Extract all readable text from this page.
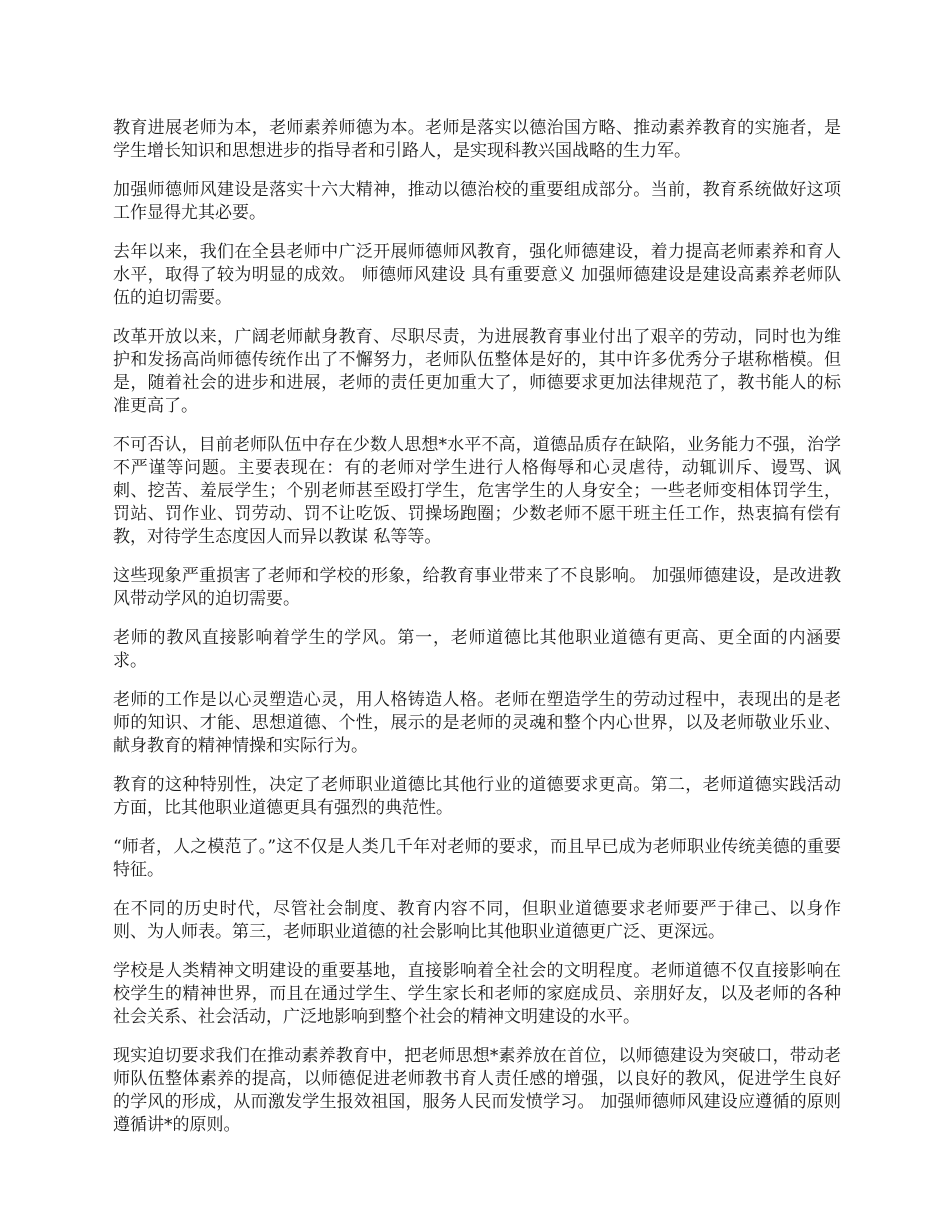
教育进展老师为本，老师素养师德为本。老师是落实以德治国方略、推动素养教育的实施者，是学生增长知识和思想进步的指导者和引路人，是实现科教兴国战略的生力军。

加强师德师风建设是落实十六大精神，推动以德治校的重要组成部分。当前，教育系统做好这项工作显得尤其必要。

去年以来，我们在全县老师中广泛开展师德师风教育，强化师德建设，着力提高老师素养和育人水平，取得了较为明显的成效。 师德师风建设 具有重要意义 加强师德建设是建设高素养老师队伍的迫切需要。

改革开放以来，广阔老师献身教育、尽职尽责，为进展教育事业付出了艰辛的劳动，同时也为维护和发扬高尚师德传统作出了不懈努力，老师队伍整体是好的，其中许多优秀分子堪称楷模。但是，随着社会的进步和进展，老师的责任更加重大了，师德要求更加法律规范了，教书能人的标准更高了。

不可否认，目前老师队伍中存在少数人思想*水平不高，道德品质存在缺陷，业务能力不强，治学不严谨等问题。主要表现在：有的老师对学生进行人格侮辱和心灵虐待，动辄训斥、谩骂、讽刺、挖苦、羞辰学生；个别老师甚至殴打学生，危害学生的人身安全；一些老师变相体罚学生，罚站、罚作业、罚劳动、罚不让吃饭、罚操场跑圈；少数老师不愿干班主任工作，热衷搞有偿有教，对待学生态度因人而异以教谋 私等等。

这些现象严重损害了老师和学校的形象，给教育事业带来了不良影响。 加强师德建设，是改进教风带动学风的迫切需要。

老师的教风直接影响着学生的学风。第一，老师道德比其他职业道德有更高、更全面的内涵要求。

老师的工作是以心灵塑造心灵，用人格铸造人格。老师在塑造学生的劳动过程中，表现出的是老师的知识、才能、思想道德、个性，展示的是老师的灵魂和整个内心世界，以及老师敬业乐业、献身教育的精神情操和实际行为。

教育的这种特别性，决定了老师职业道德比其他行业的道德要求更高。第二，老师道德实践活动方面，比其他职业道德更具有强烈的典范性。

“师者，人之模范了。”这不仅是人类几千年对老师的要求，而且早已成为老师职业传统美德的重要特征。

在不同的历史时代，尽管社会制度、教育内容不同，但职业道德要求老师要严于律己、以身作则、为人师表。第三，老师职业道德的社会影响比其他职业道德更广泛、更深远。

学校是人类精神文明建设的重要基地，直接影响着全社会的文明程度。老师道德不仅直接影响在校学生的精神世界，而且在通过学生、学生家长和老师的家庭成员、亲朋好友，以及老师的各种社会关系、社会活动，广泛地影响到整个社会的精神文明建设的水平。

现实迫切要求我们在推动素养教育中，把老师思想*素养放在首位，以师德建设为突破口，带动老师队伍整体素养的提高，以师德促进老师教书育人责任感的增强，以良好的教风，促进学生良好的学风的形成，从而激发学生报效祖国，服务人民而发愤学习。 加强师德师风建设应遵循的原则 遵循讲*的原则。
